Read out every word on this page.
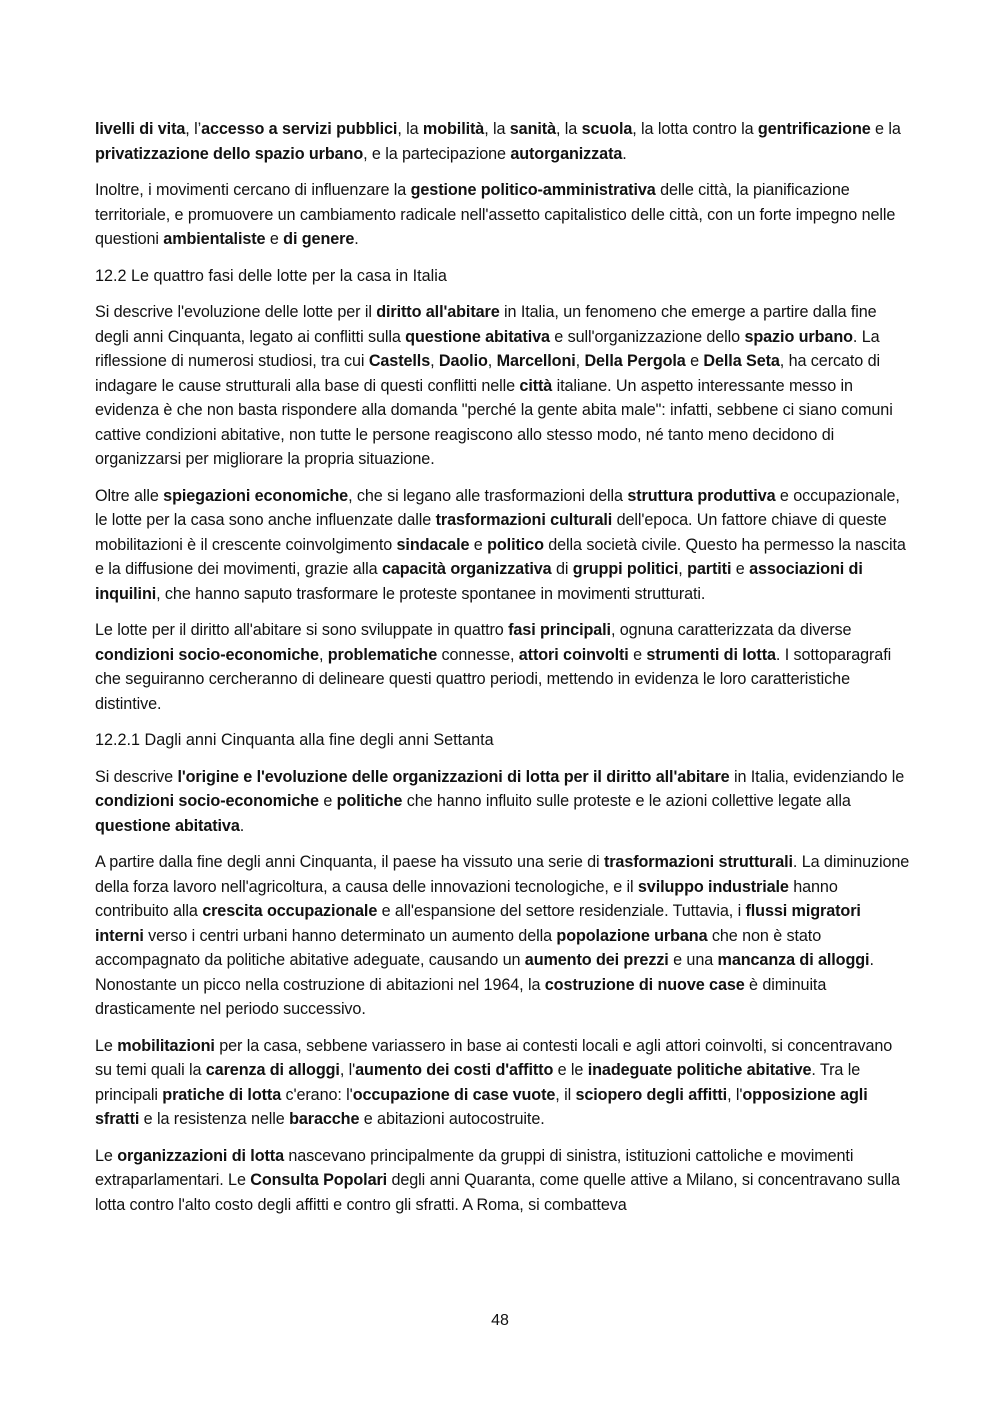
livelli di vita, l’accesso a servizi pubblici, la mobilità, la sanità, la scuola, la lotta contro la gentrificazione e la privatizzazione dello spazio urbano, e la partecipazione autorganizzata.

Inoltre, i movimenti cercano di influenzare la gestione politico-amministrativa delle città, la pianificazione territoriale, e promuovere un cambiamento radicale nell'assetto capitalistico delle città, con un forte impegno nelle questioni ambientaliste e di genere.

12.2 Le quattro fasi delle lotte per la casa in Italia

Si descrive l'evoluzione delle lotte per il diritto all'abitare in Italia, un fenomeno che emerge a partire dalla fine degli anni Cinquanta, legato ai conflitti sulla questione abitativa e sull'organizzazione dello spazio urbano. La riflessione di numerosi studiosi, tra cui Castells, Daolio, Marcelloni, Della Pergola e Della Seta, ha cercato di indagare le cause strutturali alla base di questi conflitti nelle città italiane. Un aspetto interessante messo in evidenza è che non basta rispondere alla domanda "perché la gente abita male": infatti, sebbene ci siano comuni cattive condizioni abitative, non tutte le persone reagiscono allo stesso modo, né tanto meno decidono di organizzarsi per migliorare la propria situazione.

Oltre alle spiegazioni economiche, che si legano alle trasformazioni della struttura produttiva e occupazionale, le lotte per la casa sono anche influenzate dalle trasformazioni culturali dell'epoca. Un fattore chiave di queste mobilitazioni è il crescente coinvolgimento sindacale e politico della società civile. Questo ha permesso la nascita e la diffusione dei movimenti, grazie alla capacità organizzativa di gruppi politici, partiti e associazioni di inquilini, che hanno saputo trasformare le proteste spontanee in movimenti strutturati.

Le lotte per il diritto all'abitare si sono sviluppate in quattro fasi principali, ognuna caratterizzata da diverse condizioni socio-economiche, problematiche connesse, attori coinvolti e strumenti di lotta. I sottoparagrafi che seguiranno cercheranno di delineare questi quattro periodi, mettendo in evidenza le loro caratteristiche distintive.

12.2.1 Dagli anni Cinquanta alla fine degli anni Settanta

Si descrive l'origine e l'evoluzione delle organizzazioni di lotta per il diritto all'abitare in Italia, evidenziando le condizioni socio-economiche e politiche che hanno influito sulle proteste e le azioni collettive legate alla questione abitativa.

A partire dalla fine degli anni Cinquanta, il paese ha vissuto una serie di trasformazioni strutturali. La diminuzione della forza lavoro nell'agricoltura, a causa delle innovazioni tecnologiche, e il sviluppo industriale hanno contribuito alla crescita occupazionale e all'espansione del settore residenziale. Tuttavia, i flussi migratori interni verso i centri urbani hanno determinato un aumento della popolazione urbana che non è stato accompagnato da politiche abitative adeguate, causando un aumento dei prezzi e una mancanza di alloggi. Nonostante un picco nella costruzione di abitazioni nel 1964, la costruzione di nuove case è diminuita drasticamente nel periodo successivo.

Le mobilitazioni per la casa, sebbene variassero in base ai contesti locali e agli attori coinvolti, si concentravano su temi quali la carenza di alloggi, l'aumento dei costi d'affitto e le inadeguate politiche abitative. Tra le principali pratiche di lotta c'erano: l'occupazione di case vuote, il sciopero degli affitti, l'opposizione agli sfratti e la resistenza nelle baracche e abitazioni autocostruite.

Le organizzazioni di lotta nascevano principalmente da gruppi di sinistra, istituzioni cattoliche e movimenti extraparlamentari. Le Consulta Popolari degli anni Quaranta, come quelle attive a Milano, si concentravano sulla lotta contro l'alto costo degli affitti e contro gli sfratti. A Roma, si combatteva

48
